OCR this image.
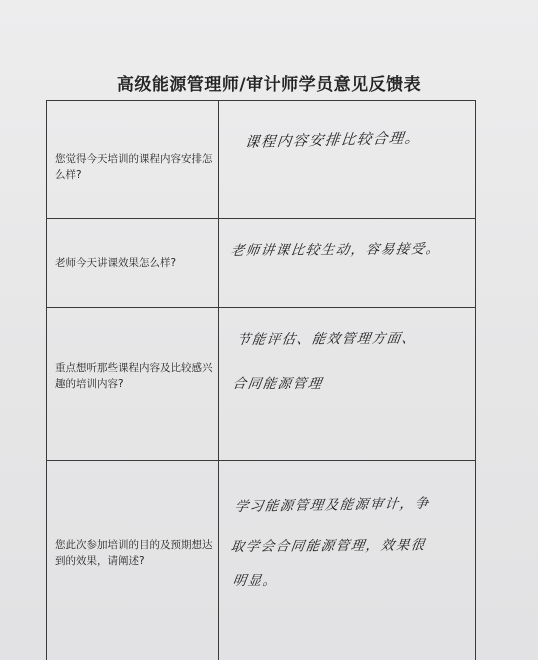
高级能源管理师/审计师学员意见反馈表
您觉得今天培训的课程内容安排怎么样?
课程内容安排比较合理。
老师今天讲课效果怎么样?
老师讲课比较生动，容易接受。
重点想听那些课程内容及比较感兴趣的培训内容?
节能评估、能效管理方面、
合同能源管理
您此次参加培训的目的及预期想达到的效果，请阐述?
学习能源管理及能源审计，争
取学会合同能源管理，效果很
明显。
